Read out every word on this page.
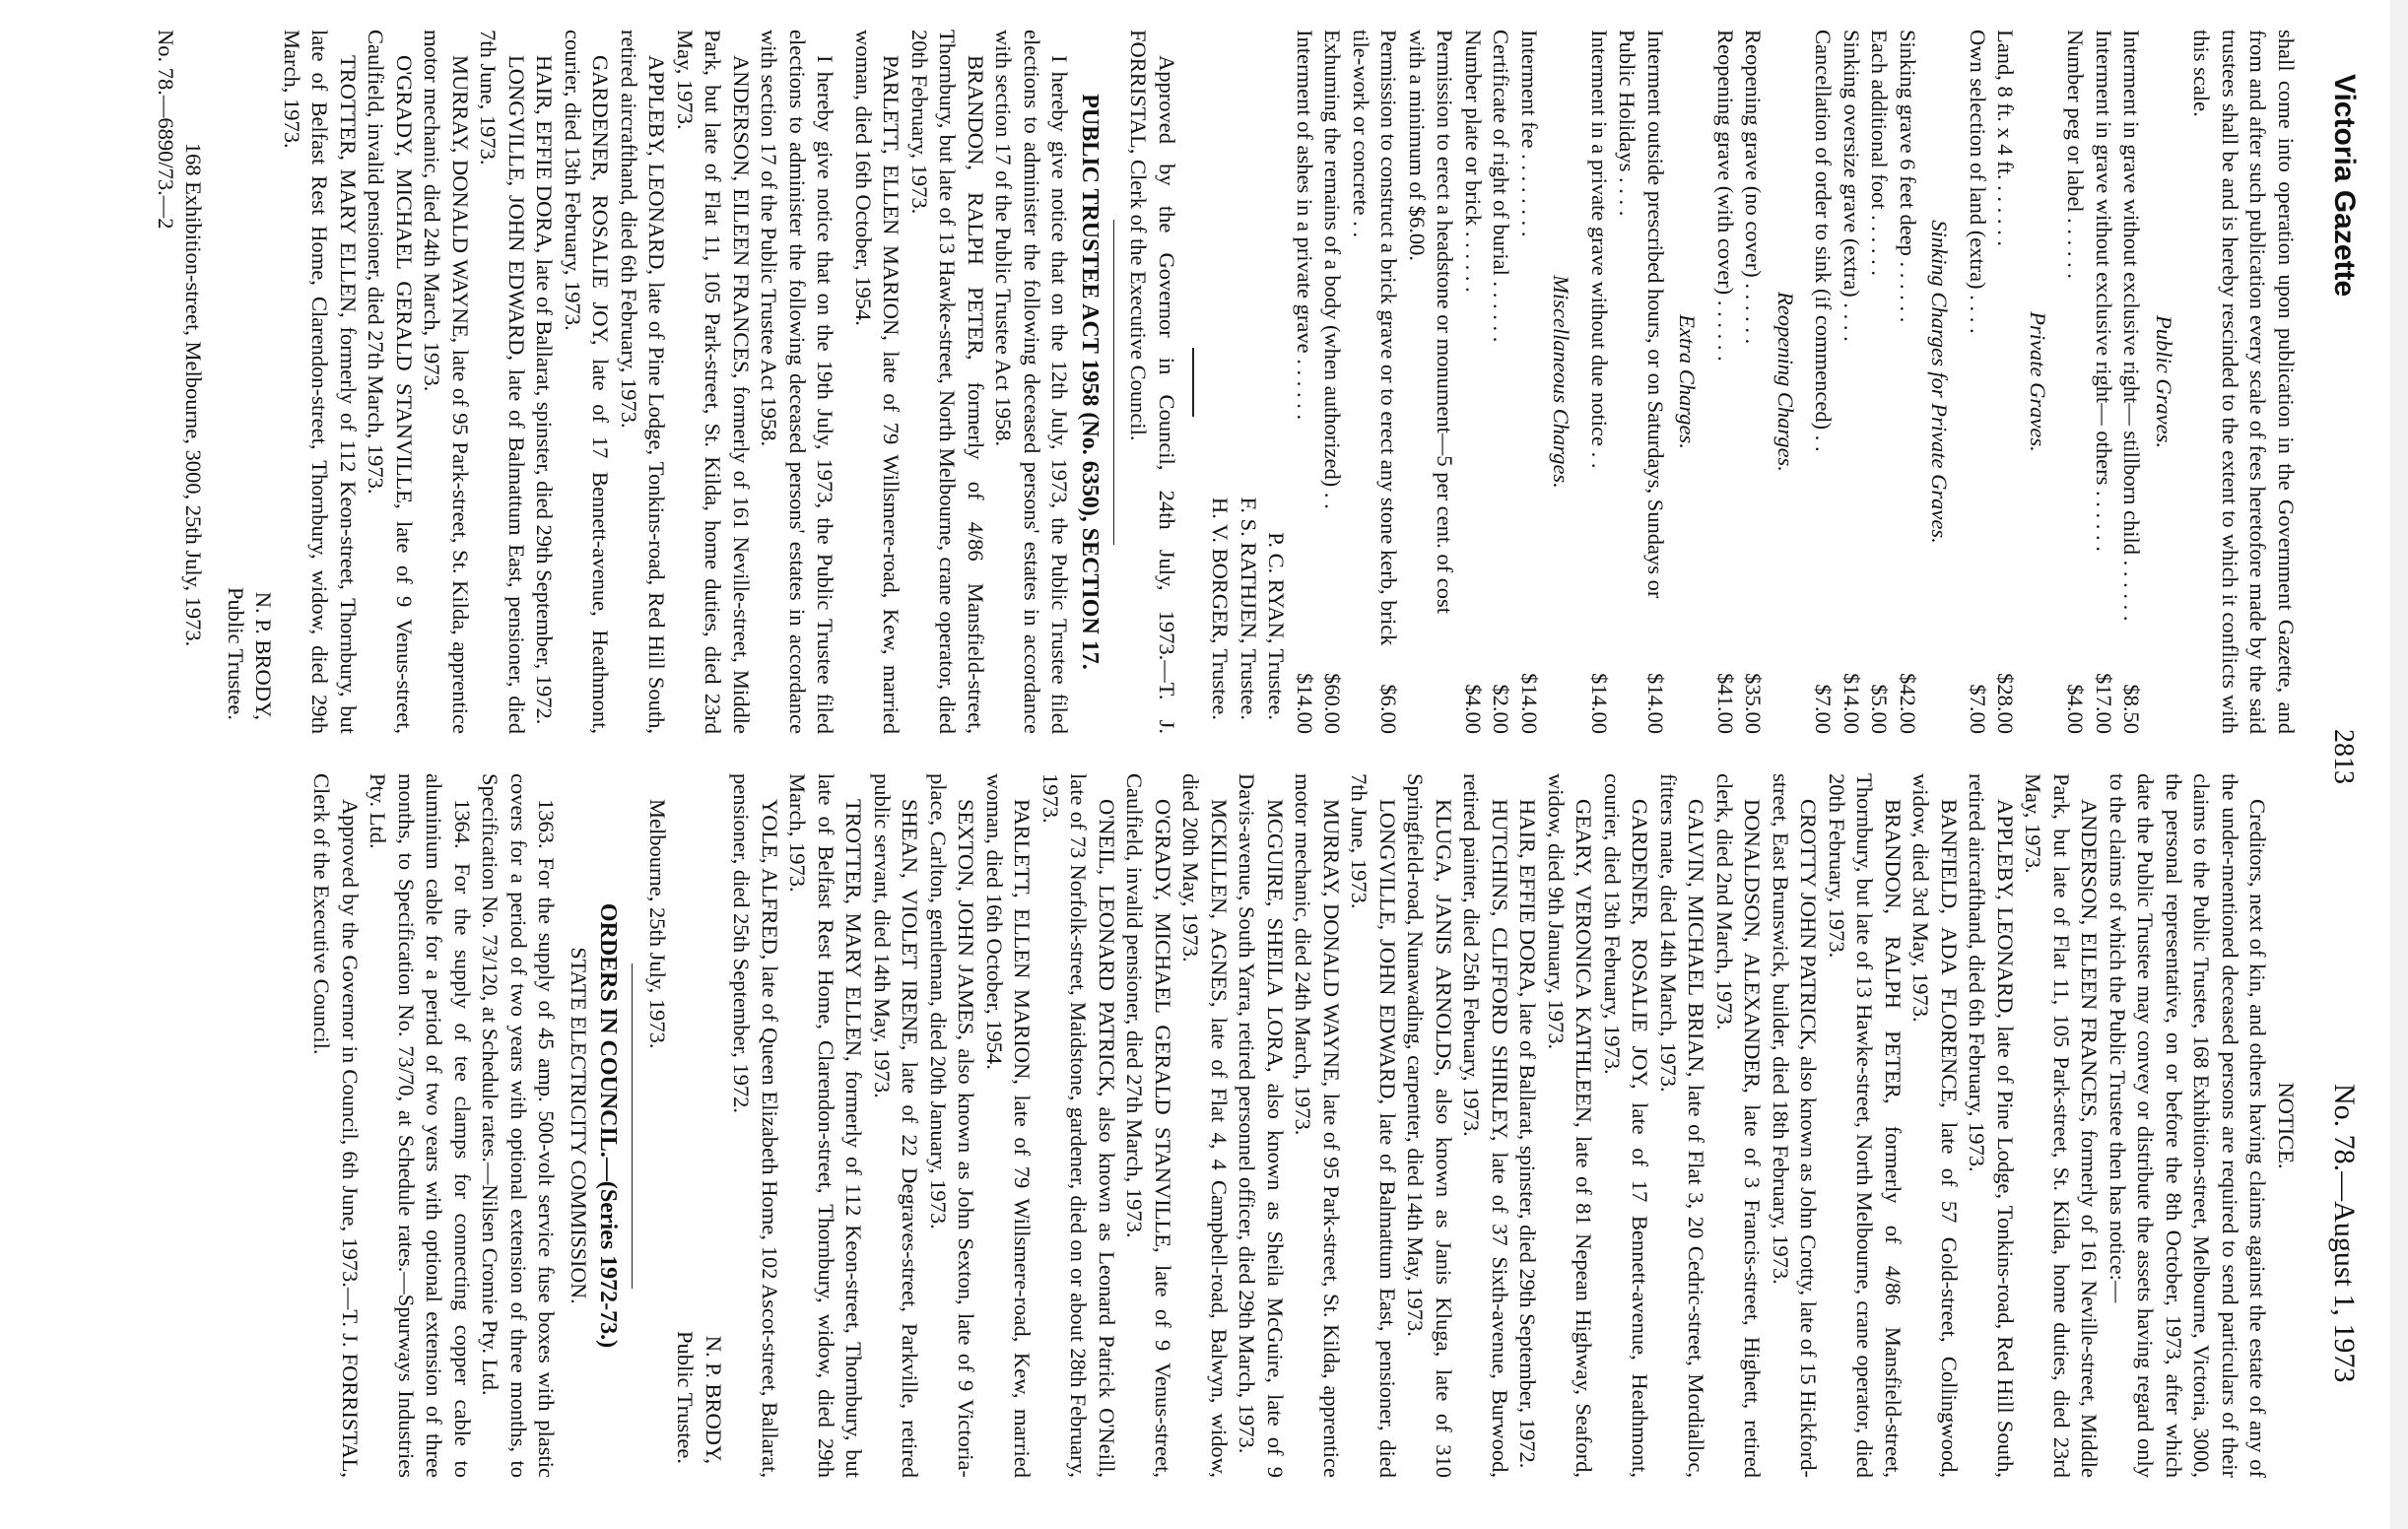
Victoria Gazette
2813
No. 78.—August 1, 1973

shall come into operation upon publication in the Government Gazette, and from and after such publication every scale of fees heretofore made by the said trustees shall be and is hereby rescinded to the extent to which it conflicts with this scale.

Public Graves.
Interment in grave without exclusive right— stillborn child . . . . . .
$8.50
Interment in grave without exclusive right— others . . . . . .
$17.00
Number peg or label . . . . . .
$4.00
Private Graves.
Land, 8 ft. x 4 ft. . . . . . .
$28.00
Own selection of land (extra) . . . .
$7.00
Sinking Charges for Private Graves.
Sinking grave 6 feet deep . . . . . .
$42.00
Each additional foot . . . . . .
$5.00
Sinking oversize grave (extra) . . . .
$14.00
Cancellation of order to sink (if commenced) . .
$7.00
Reopening Charges.
Reopening grave (no cover) . . . . . .
$35.00
Reopening grave (with cover) . . . . . .
$41.00
Extra Charges.
Interment outside prescribed hours, or on Saturdays, Sundays or Public Holidays . . . .
$14.00
Interment in a private grave without due notice . .
$14.00
Miscellaneous Charges.
Interment fee . . . . . . . .
$14.00
Certificate of right of burial . . . . . .
$2.00
Number plate or brick . . . . . .
$4.00
Permission to erect a headstone or monument—5 per cent. of cost with a minimum of $6.00.
Permission to construct a brick grave or to erect any stone kerb, brick tile-work or concrete . .
$6.00
Exhuming the remains of a body (when authorized) . .
$60.00
Interment of ashes in a private grave . . . . . .
$14.00
P. C. RYAN, Trustee.
F. S. RATHJEN, Trustee.
H. V. BORGER, Trustee.

Approved by the Governor in Council, 24th July, 1973.—T. J. FORRISTAL, Clerk of the Executive Council.

PUBLIC TRUSTEE ACT 1958 (No. 6350), SECTION 17.

I hereby give notice that on the 12th July, 1973, the Public Trustee filed elections to administer the following deceased persons' estates in accordance with section 17 of the Public Trustee Act 1958.

BRANDON, RALPH PETER, formerly of 4/86 Mansfield-street, Thornbury, but late of 13 Hawke-street, North Melbourne, crane operator, died 20th February, 1973.

PARLETT, ELLEN MARION, late of 79 Willsmere-road, Kew, married woman, died 16th October, 1954.

I hereby give notice that on the 19th July, 1973, the Public Trustee filed elections to administer the following deceased persons' estates in accordance with section 17 of the Public Trustee Act 1958.

ANDERSON, EILEEN FRANCES, formerly of 161 Neville-street, Middle Park, but late of Flat 11, 105 Park-street, St. Kilda, home duties, died 23rd May, 1973.

APPLEBY, LEONARD, late of Pine Lodge, Tonkins-road, Red Hill South, retired aircrafthand, died 6th February, 1973.

GARDENER, ROSALIE JOY, late of 17 Bennett-avenue, Heathmont, courier, died 13th February, 1973.

HAIR, EFFIE DORA, late of Ballarat, spinster, died 29th September, 1972.

LONGVILLE, JOHN EDWARD, late of Balmattum East, pensioner, died 7th June, 1973.

MURRAY, DONALD WAYNE, late of 95 Park-street, St. Kilda, apprentice motor mechanic, died 24th March, 1973.

O'GRADY, MICHAEL GERALD STANVILLE, late of 9 Venus-street, Caulfield, invalid pensioner, died 27th March, 1973.

TROTTER, MARY ELLEN, formerly of 112 Keon-street, Thornbury, but late of Belfast Rest Home, Clarendon-street, Thornbury, widow, died 29th March, 1973.

N. P. BRODY,
Public Trustee.

168 Exhibition-street, Melbourne, 3000, 25th July, 1973.

No. 78.—6890/73.—2

NOTICE.

Creditors, next of kin, and others having claims against the estate of any of the under-mentioned deceased persons are required to send particulars of their claims to the Public Trustee, 168 Exhibition-street, Melbourne, Victoria, 3000, the personal representative, on or before the 8th October, 1973, after which date the Public Trustee may convey or distribute the assets having regard only to the claims of which the Public Trustee then has notice:—

ANDERSON, EILEEN FRANCES, formerly of 161 Neville-street, Middle Park, but late of Flat 11, 105 Park-street, St. Kilda, home duties, died 23rd May, 1973.

APPLEBY, LEONARD, late of Pine Lodge, Tonkins-road, Red Hill South, retired aircrafthand, died 6th February, 1973.

BANFIELD, ADA FLORENCE, late of 57 Gold-street, Collingwood, widow, died 3rd May, 1973.

BRANDON, RALPH PETER, formerly of 4/86 Mansfield-street, Thornbury, but late of 13 Hawke-street, North Melbourne, crane operator, died 20th February, 1973.

CROTTY JOHN PATRICK, also known as John Crotty, late of 15 Hickford-street, East Brunswick, builder, died 18th February, 1973.

DONALDSON, ALEXANDER, late of 3 Francis-street, Highett, retired clerk, died 2nd March, 1973.

GALVIN, MICHAEL BRIAN, late of Flat 3, 20 Cedric-street, Mordialloc, fitters mate, died 14th March, 1973.

GARDENER, ROSALIE JOY, late of 17 Bennett-avenue, Heathmont, courier, died 13th February, 1973.

GEARY, VERONICA KATHLEEN, late of 81 Nepean Highway, Seaford, widow, died 9th January, 1973.

HAIR, EFFIE DORA, late of Ballarat, spinster, died 29th September, 1972.

HUTCHINS, CLIFFORD SHIRLEY, late of 37 Sixth-avenue, Burwood, retired painter, died 25th February, 1973.

KLUGA, JANIS ARNOLDS, also known as Janis Kluga, late of 310 Springfield-road, Nunawading, carpenter, died 14th May, 1973.

LONGVILLE, JOHN EDWARD, late of Balmattum East, pensioner, died 7th June, 1973.

MURRAY, DONALD WAYNE, late of 95 Park-street, St. Kilda, apprentice motor mechanic, died 24th March, 1973.

MCGUIRE, SHEILA LORA, also known as Sheila McGuire, late of 9 Davis-avenue, South Yarra, retired personnel officer, died 29th March, 1973.

MCKILLEN, AGNES, late of Flat 4, 4 Campbell-road, Balwyn, widow, died 20th May, 1973.

O'GRADY, MICHAEL GERALD STANVILLE, late of 9 Venus-street, Caulfield, invalid pensioner, died 27th March, 1973.

O'NEIL, LEONARD PATRICK, also known as Leonard Patrick O'Neill, late of 73 Norfolk-street, Maidstone, gardener, died on or about 28th February, 1973.

PARLETT, ELLEN MARION, late of 79 Willsmere-road, Kew, married woman, died 16th October, 1954.

SEXTON, JOHN JAMES, also known as John Sexton, late of 9 Victoria-place, Carlton, gentleman, died 20th January, 1973.

SHEAN, VIOLET IRENE, late of 22 Degraves-street, Parkville, retired public servant, died 14th May, 1973.

TROTTER, MARY ELLEN, formerly of 112 Keon-street, Thornbury, but late of Belfast Rest Home, Clarendon-street, Thornbury, widow, died 29th March, 1973.

YOLE, ALFRED, late of Queen Elizabeth Home, 102 Ascot-street, Ballarat, pensioner, died 25th September, 1972.

N. P. BRODY,
Public Trustee.

Melbourne, 25th July, 1973.

ORDERS IN COUNCIL.—(Series 1972-73.)
STATE ELECTRICITY COMMISSION.

1363. For the supply of 45 amp. 500-volt service fuse boxes with plastic covers for a period of two years with optional extension of three months, to Specification No. 73/120, at Schedule rates.—Nilsen Cromie Pty. Ltd.

1364. For the supply of tee clamps for connecting copper cable to aluminium cable for a period of two years with optional extension of three months, to Specification No. 73/70, at Schedule rates.—Spurways Industries Pty. Ltd.

Approved by the Governor in Council, 6th June, 1973.—T. J. FORRISTAL, Clerk of the Executive Council.
